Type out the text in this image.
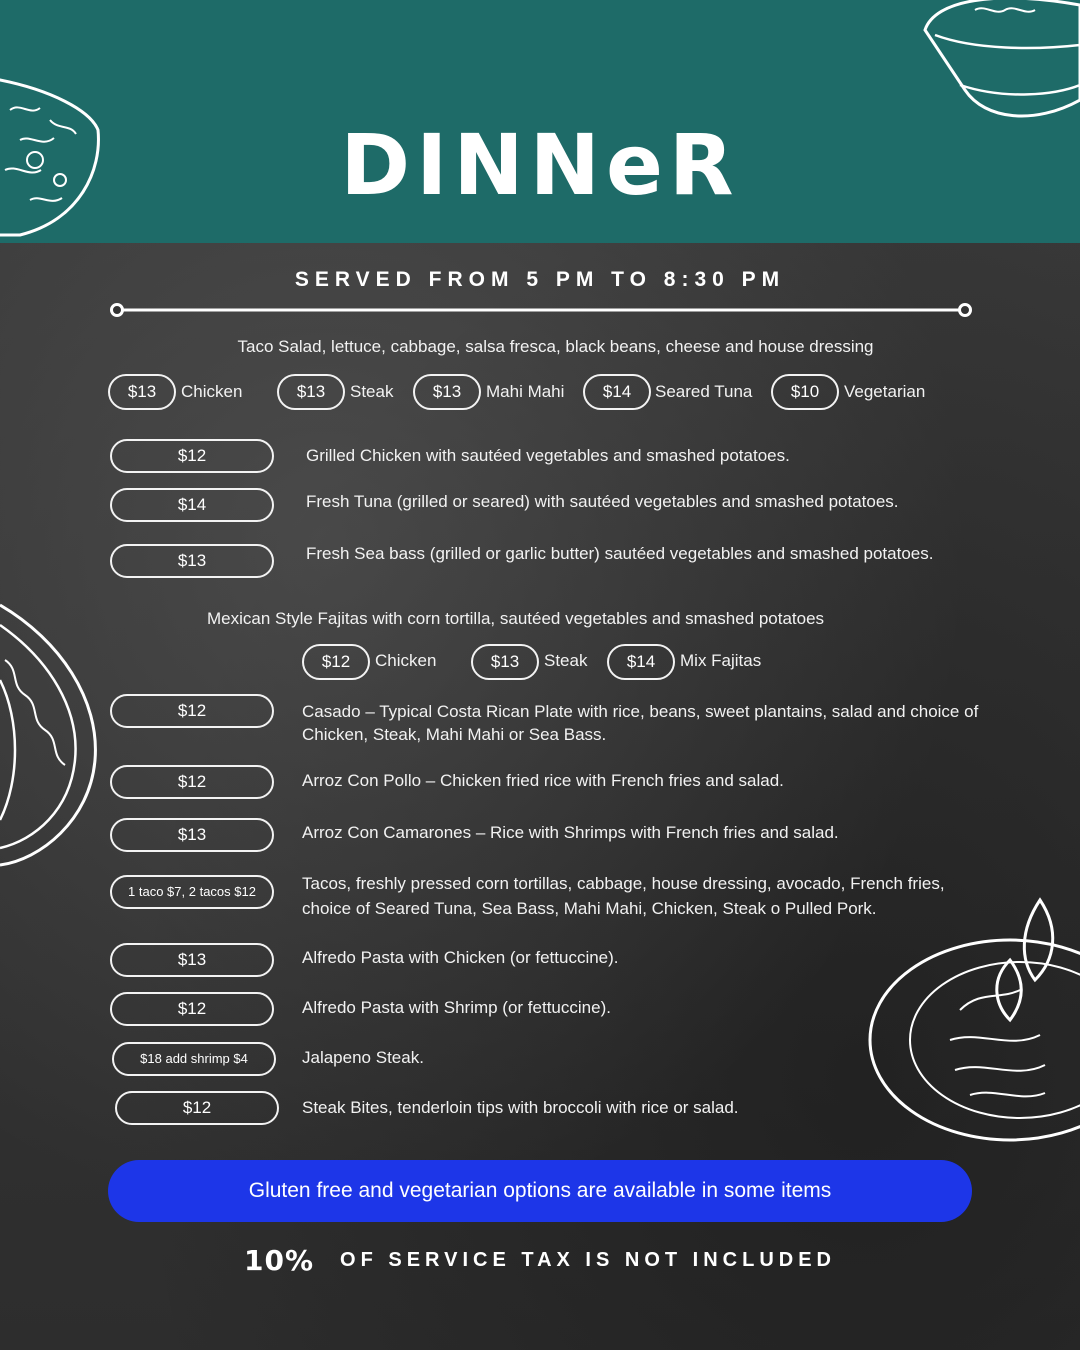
DINNeR
SERVED FROM 5 PM TO 8:30 PM
Taco Salad, lettuce, cabbage, salsa fresca, black beans, cheese and house dressing
$13	Chicken	$13	Steak	$13	Mahi Mahi	$14	Seared Tuna	$10	Vegetarian
$12	Grilled Chicken with sautéed vegetables and smashed potatoes.
$14	Fresh Tuna (grilled or seared) with sautéed vegetables and smashed potatoes.
$13	Fresh Sea bass (grilled or garlic butter) sautéed vegetables and smashed potatoes.
Mexican Style Fajitas with corn tortilla, sautéed vegetables and smashed potatoes
$12	Chicken	$13	Steak	$14	Mix Fajitas
$12	Casado – Typical Costa Rican Plate with rice, beans, sweet plantains, salad and choice of Chicken, Steak, Mahi Mahi or Sea Bass.
$12	Arroz Con Pollo – Chicken fried rice with French fries and salad.
$13	Arroz Con Camarones – Rice with Shrimps with French fries and salad.
1 taco $7, 2 tacos $12	Tacos, freshly pressed corn tortillas, cabbage, house dressing, avocado, French fries, choice of Seared Tuna, Sea Bass, Mahi Mahi, Chicken, Steak o Pulled Pork.
$13	Alfredo Pasta with Chicken (or fettuccine).
$12	Alfredo Pasta with Shrimp (or fettuccine).
$18 add shrimp $4	Jalapeno Steak.
$12	Steak Bites, tenderloin tips with broccoli with rice or salad.
Gluten free and vegetarian options are available in some items
10% OF SERVICE TAX IS NOT INCLUDED
